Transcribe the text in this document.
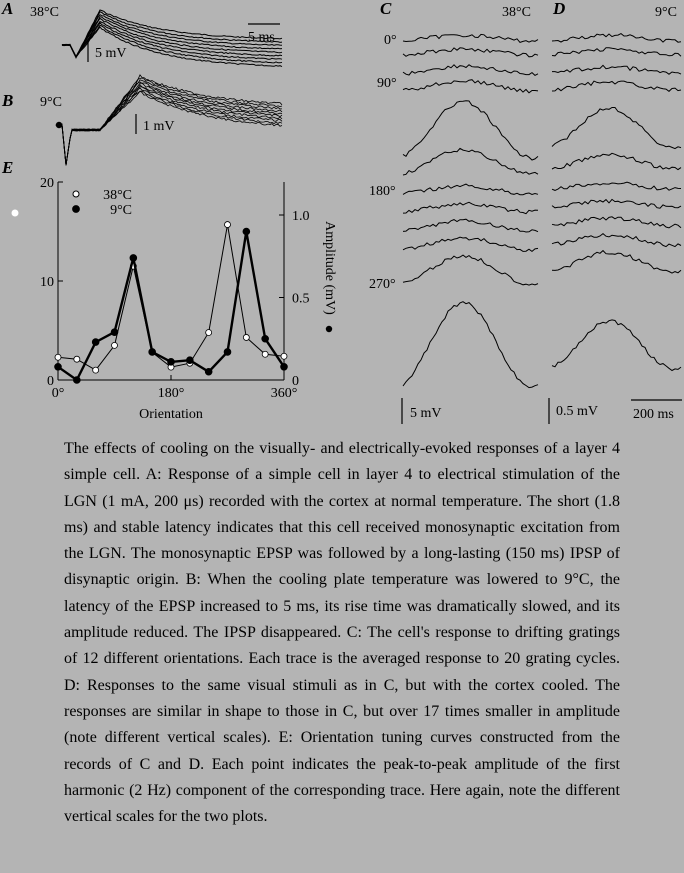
A 38°C
5 mV
5 ms
B 9°C
1 mV
E
0
10
20
0
0.5
1.0
0°	180°	360°
Orientation
Amplitude (mV)
38°C
9°C
C	38°C
0°
90°
180°
270°
5 mV
D	9°C
0.5 mV	200 ms
The effects of cooling on the visually- and electrically-evoked responses of a layer 4 simple cell. A: Response of a simple cell in layer 4 to electrical stimulation of the LGN (1 mA, 200 μs) recorded with the cortex at normal temperature. The short (1.8 ms) and stable latency indicates that this cell received monosynaptic excitation from the LGN. The monosynaptic EPSP was followed by a long-lasting (150 ms) IPSP of disynaptic origin. B: When the cooling plate temperature was lowered to 9°C, the latency of the EPSP increased to 5 ms, its rise time was dramatically slowed, and its amplitude reduced. The IPSP disappeared. C: The cell's response to drifting gratings of 12 different orientations. Each trace is the averaged response to 20 grating cycles. D: Responses to the same visual stimuli as in C, but with the cortex cooled. The responses are similar in shape to those in C, but over 17 times smaller in amplitude (note different vertical scales). E: Orientation tuning curves constructed from the records of C and D. Each point indicates the peak-to-peak amplitude of the first harmonic (2 Hz) component of the corresponding trace. Here again, note the different vertical scales for the two plots.
